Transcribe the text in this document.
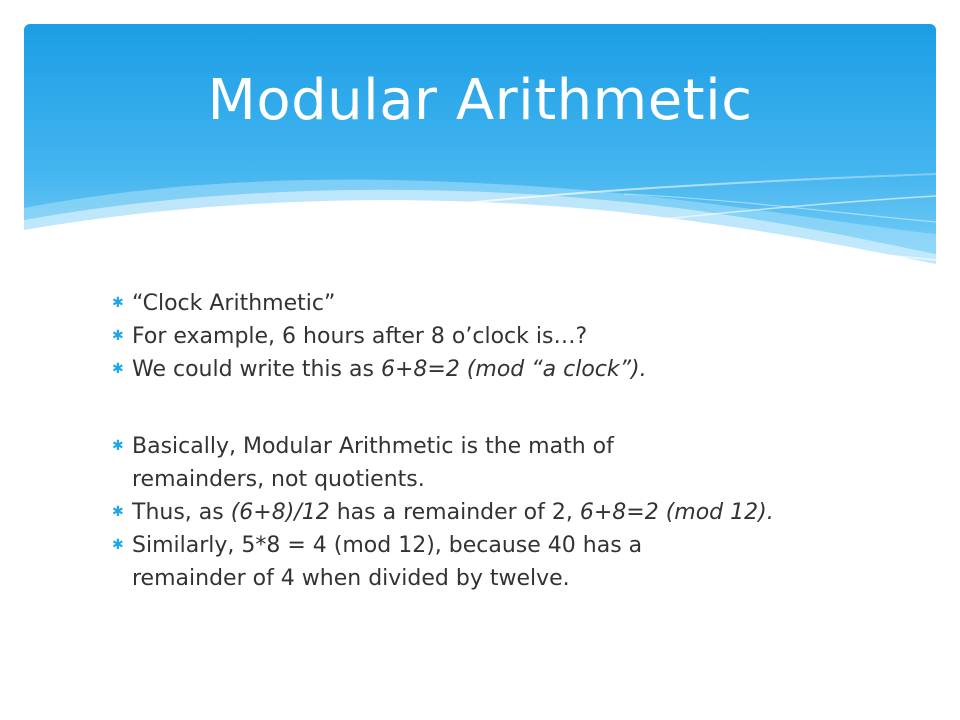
Modular Arithmetic
✱ “Clock Arithmetic”
✱ For example, 6 hours after 8 o’clock is…?
✱ We could write this as 6+8=2 (mod “a clock”).
✱ Basically, Modular Arithmetic is the math of
remainders, not quotients.
✱ Thus, as (6+8)/12 has a remainder of 2, 6+8=2 (mod 12).
✱ Similarly, 5*8 = 4 (mod 12), because 40 has a
remainder of 4 when divided by twelve.
